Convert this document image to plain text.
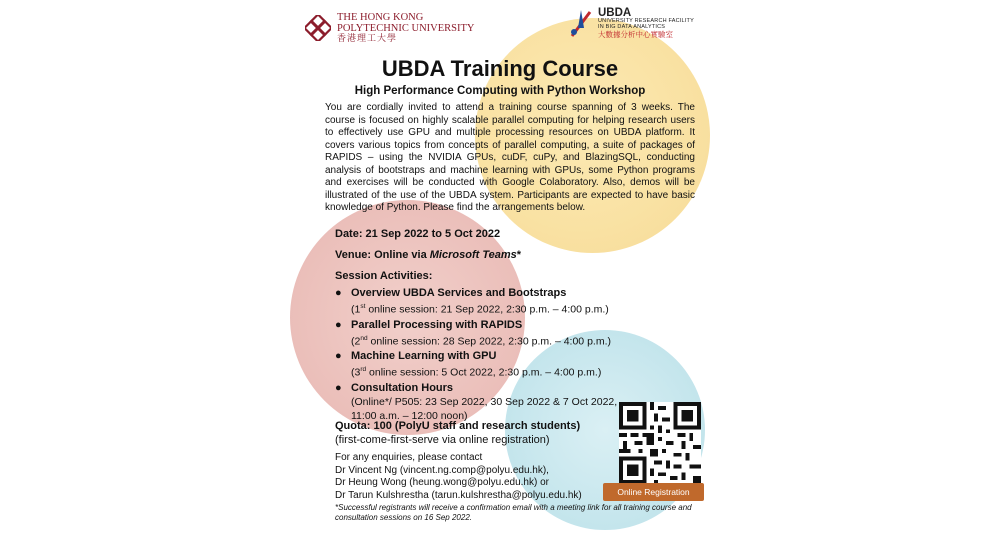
THE HONG KONG
POLYTECHNIC UNIVERSITY
香港理工大學
UBDA
UNIVERSITY RESEARCH FACILITY
IN BIG DATA ANALYTICS
大數據分析中心實驗室
UBDA Training Course
High Performance Computing with Python Workshop
You are cordially invited to attend a training course spanning of 3 weeks. The course is focused on highly scalable parallel computing for helping research users to effectively use GPU and multiple processing resources on UBDA platform. It covers various topics from concepts of parallel computing, a suite of packages of RAPIDS – using the NVIDIA GPUs, cuDF, cuPy, and BlazingSQL, conducting analysis of bootstraps and machine learning with GPUs, some Python programs and exercises will be conducted with Google Colaboratory. Also, demos will be illustrated of the use of the UBDA system. Participants are expected to have basic knowledge of Python. Please find the arrangements below.
Date: 21 Sep 2022 to 5 Oct 2022
Venue: Online via Microsoft Teams*
Session Activities:
● Overview UBDA Services and Bootstraps
(1st online session: 21 Sep 2022, 2:30 p.m. – 4:00 p.m.)
● Parallel Processing with RAPIDS
(2nd online session: 28 Sep 2022, 2:30 p.m. – 4:00 p.m.)
● Machine Learning with GPU
(3rd online session: 5 Oct 2022, 2:30 p.m. – 4:00 p.m.)
● Consultation Hours
(Online*/ P505: 23 Sep 2022, 30 Sep 2022 & 7 Oct 2022,
11:00 a.m. – 12:00 noon)
Quota: 100 (PolyU staff and research students)
(first-come-first-serve via online registration)
For any enquiries, please contact
Dr Vincent Ng (vincent.ng.comp@polyu.edu.hk),
Dr Heung Wong (heung.wong@polyu.edu.hk) or
Dr Tarun Kulshrestha (tarun.kulshrestha@polyu.edu.hk)
*Successful registrants will receive a confirmation email with a meeting link for all training course and consultation sessions on 16 Sep 2022.
Online Registration
